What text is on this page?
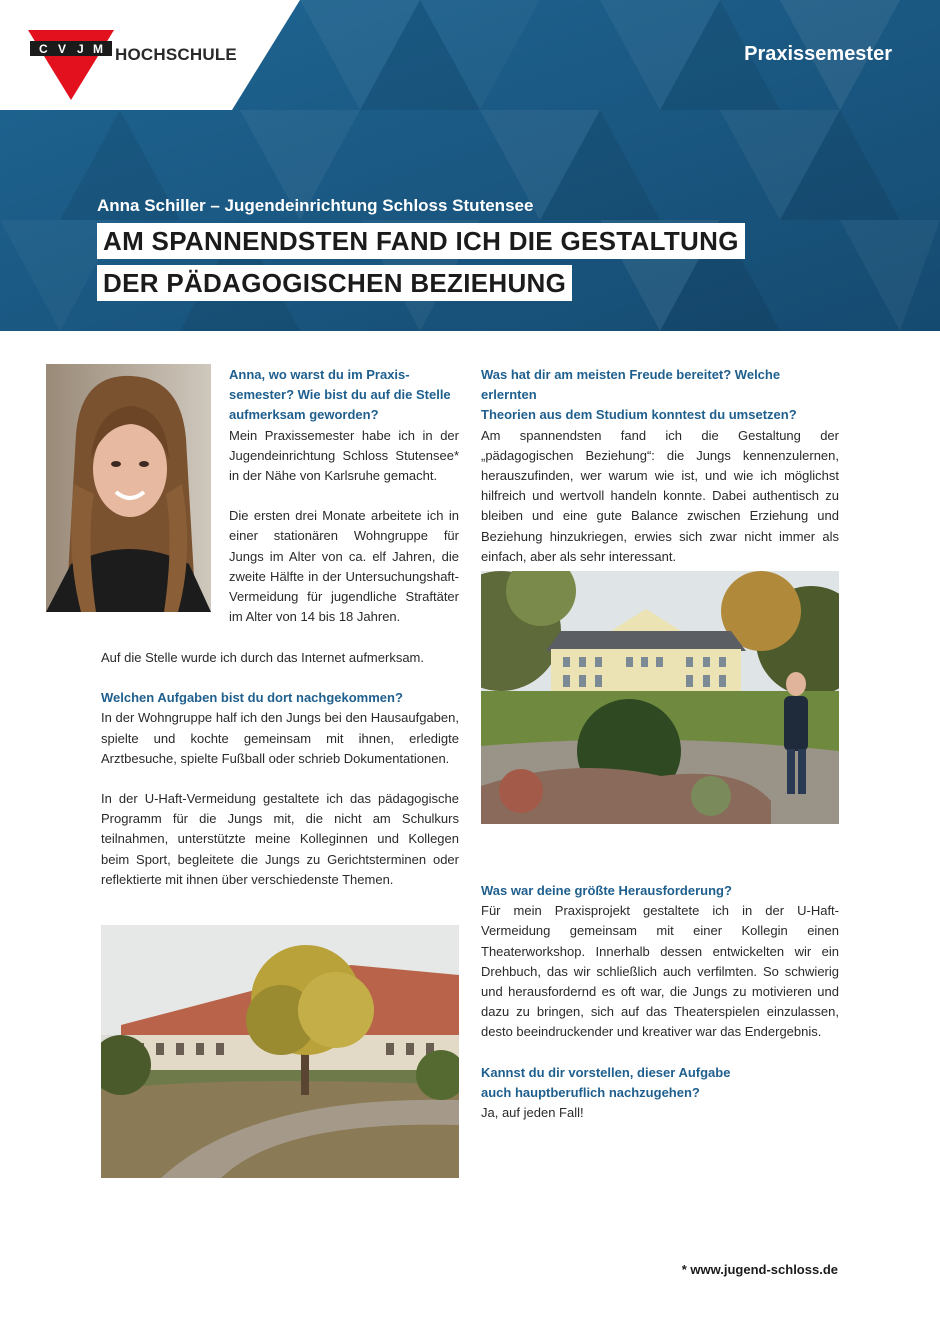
C V J M HOCHSCHULE	Praxissemester
Anna Schiller – Jugendeinrichtung Schloss Stutensee
AM SPANNENDSTEN FAND ICH DIE GESTALTUNG
DER PÄDAGOGISCHEN BEZIEHUNG

Anna, wo warst du im Praxis-
semester? Wie bist du auf die Stelle
aufmerksam geworden?

Mein Praxissemester habe ich in der Jugendeinrichtung Schloss Stutensee* in der Nähe von Karlsruhe gemacht.

Die ersten drei Monate arbeitete ich in einer stationären Wohngruppe für Jungs im Alter von ca. elf Jahren, die zweite Hälfte in der Untersuchungshaft-Vermeidung für jugendliche Straftäter im Alter von 14 bis 18 Jahren.

Auf die Stelle wurde ich durch das Internet aufmerksam.

Welchen Aufgaben bist du dort nachgekommen?

In der Wohngruppe half ich den Jungs bei den Hausaufgaben, spielte und kochte gemeinsam mit ihnen, erledigte Arztbesuche, spielte Fußball oder schrieb Dokumentationen.

In der U-Haft-Vermeidung gestaltete ich das pädagogische Programm für die Jungs mit, die nicht am Schulkurs teilnahmen, unterstützte meine Kolleginnen und Kollegen beim Sport, begleitete die Jungs zu Gerichtsterminen oder reflektierte mit ihnen über verschiedenste Themen.

Was hat dir am meisten Freude bereitet? Welche erlernten
Theorien aus dem Studium konntest du umsetzen?

Am spannendsten fand ich die Gestaltung der „pädagogischen Beziehung“: die Jungs kennenzulernen, herauszufinden, wer warum wie ist, und wie ich möglichst hilfreich und wertvoll handeln konnte. Dabei authentisch zu bleiben und eine gute Balance zwischen Erziehung und Beziehung hinzukriegen, erwies sich zwar nicht immer als einfach, aber als sehr interessant.

Was war deine größte Herausforderung?

Für mein Praxisprojekt gestaltete ich in der U-Haft-Vermeidung gemeinsam mit einer Kollegin einen Theaterworkshop. Innerhalb dessen entwickelten wir ein Drehbuch, das wir schließlich auch verfilmten. So schwierig und herausfordernd es oft war, die Jungs zu motivieren und dazu zu bringen, sich auf das Theaterspielen einzulassen, desto beeindruckender und kreativer war das Endergebnis.

Kannst du dir vorstellen, dieser Aufgabe
auch hauptberuflich nachzugehen?

Ja, auf jeden Fall!

* www.jugend-schloss.de
